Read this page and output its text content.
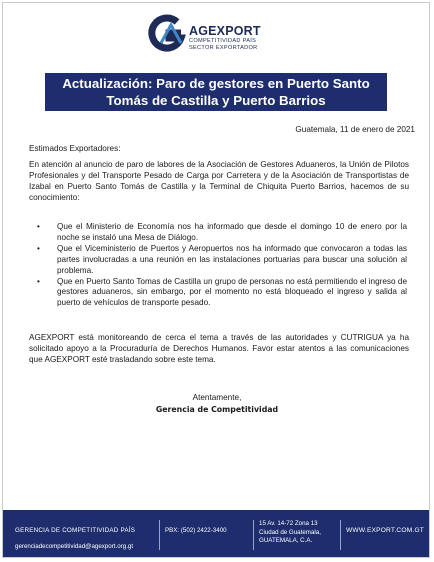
AGEXPORT
COMPETITIVIDAD PAÍS
SECTOR EXPORTADOR
Actualización: Paro de gestores en Puerto Santo
Tomás de Castilla y Puerto Barrios
Guatemala, 11 de enero de 2021
Estimados Exportadores:
En atención al anuncio de paro de labores de la Asociación de Gestores Aduaneros, la Unión de Pilotos Profesionales y del Transporte Pesado de Carga por Carretera y de la Asociación de Transportistas de Izabal en Puerto Santo Tomás de Castilla y la Terminal de Chiquita Puerto Barrios, hacemos de su conocimiento:
• Que el Ministerio de Economía nos ha informado que desde el domingo 10 de enero por la noche se instaló una Mesa de Diálogo.
• Que el Viceministerio de Puertos y Aeropuertos nos ha informado que convocaron a todas las partes involucradas a una reunión en las instalaciones portuarias para buscar una solución al problema.
• Que en Puerto Santo Tomas de Castilla un grupo de personas no está permitiendo el ingreso de gestores aduaneros, sin embargo, por el momento no está bloqueado el ingreso y salida al puerto de vehículos de transporte pesado.
AGEXPORT está monitoreando de cerca el tema a través de las autoridades y CUTRIGUA ya ha solicitado apoyo a la Procuraduría de Derechos Humanos. Favor estar atentos a las comunicaciones que AGEXPORT esté trasladando sobre este tema.
Atentamente,
Gerencia de Competitividad
GERENCIA DE COMPETITIVIDAD PAÍS
gerenciadecompetitividad@agexport.org.gt
PBX: (502) 2422-3400
15 Av. 14-72 Zona 13
Ciudad de Guatemala,
GUATEMALA, C.A.
WWW.EXPORT.COM.GT
